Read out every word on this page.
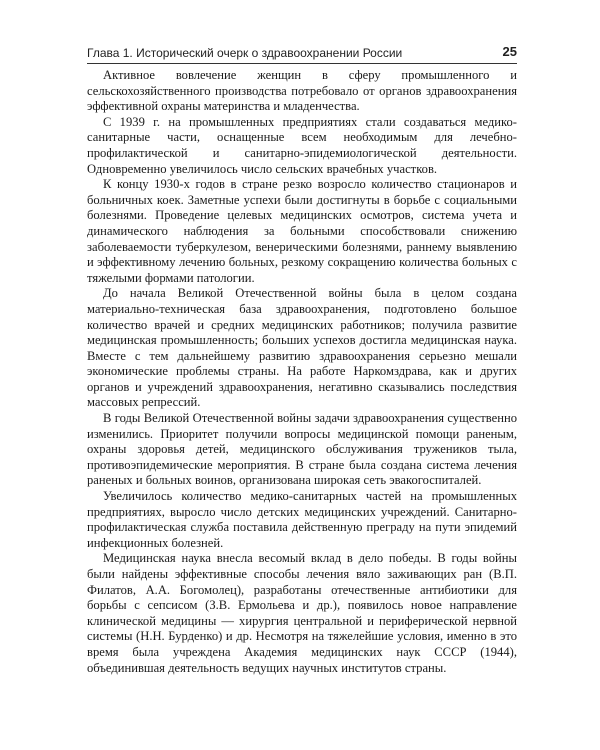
Глава 1. Исторический очерк о здравоохранении России	25

Активное вовлечение женщин в сферу промышленного и сельскохозяйственного производства потребовало от органов здравоохранения эффективной охраны материнства и младенчества.

С 1939 г. на промышленных предприятиях стали создаваться медико-санитарные части, оснащенные всем необходимым для лечебно-профилактической и санитарно-эпидемиологической деятельности. Одновременно увеличилось число сельских врачебных участков.

К концу 1930-х годов в стране резко возросло количество стационаров и больничных коек. Заметные успехи были достигнуты в борьбе с социальными болезнями. Проведение целевых медицинских осмотров, система учета и динамического наблюдения за больными способствовали снижению заболеваемости туберкулезом, венерическими болезнями, раннему выявлению и эффективному лечению больных, резкому сокращению количества больных с тяжелыми формами патологии.

До начала Великой Отечественной войны была в целом создана материально-техническая база здравоохранения, подготовлено большое количество врачей и средних медицинских работников; получила развитие медицинская промышленность; больших успехов достигла медицинская наука. Вместе с тем дальнейшему развитию здравоохранения серьезно мешали экономические проблемы страны. На работе Наркомздрава, как и других органов и учреждений здравоохранения, негативно сказывались последствия массовых репрессий.

В годы Великой Отечественной войны задачи здравоохранения существенно изменились. Приоритет получили вопросы медицинской помощи раненым, охраны здоровья детей, медицинского обслуживания тружеников тыла, противоэпидемические мероприятия. В стране была создана система лечения раненых и больных воинов, организована широкая сеть эвакогоспиталей.

Увеличилось количество медико-санитарных частей на промышленных предприятиях, выросло число детских медицинских учреждений. Санитарно-профилактическая служба поставила действенную преграду на пути эпидемий инфекционных болезней.

Медицинская наука внесла весомый вклад в дело победы. В годы войны были найдены эффективные способы лечения вяло заживающих ран (В.П. Филатов, А.А. Богомолец), разработаны отечественные антибиотики для борьбы с сепсисом (З.В. Ермольева и др.), появилось новое направление клинической медицины — хирургия центральной и периферической нервной системы (Н.Н. Бурденко) и др. Несмотря на тяжелейшие условия, именно в это время была учреждена Академия медицинских наук СССР (1944), объединившая деятельность ведущих научных институтов страны.
